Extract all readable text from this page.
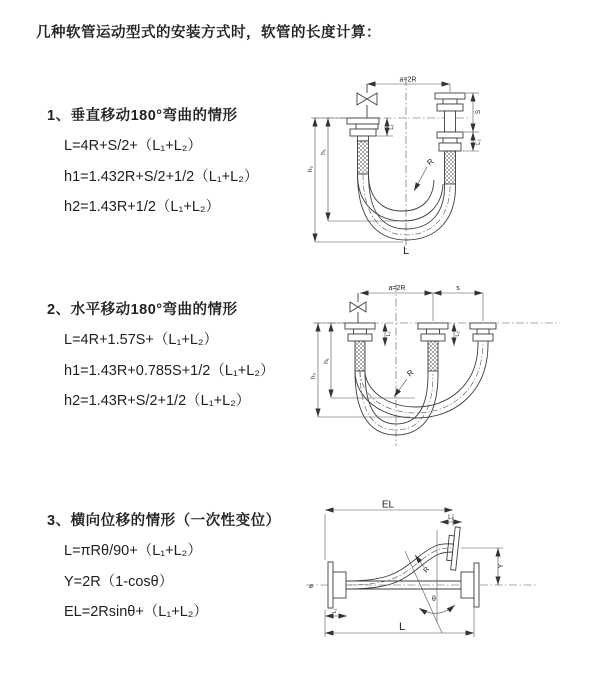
几种软管运动型式的安装方式时，软管的长度计算：
1、垂直移动180°弯曲的情形
L=4R+S/2+（L₁+L₂）
h1=1.432R+S/2+1/2（L₁+L₂）
h2=1.43R+1/2（L₁+L₂）
2、水平移动180°弯曲的情形
L=4R+1.57S+（L₁+L₂）
h1=1.43R+0.785S+1/2（L₁+L₂）
h2=1.43R+S/2+1/2（L₁+L₂）
3、横向位移的情形（一次性变位）
L=πRθ/90+（L₁+L₂）
Y=2R（1-cosθ）
EL=2Rsinθ+（L₁+L₂）
a=2R
S
L₂
L₁
h₁
h₂
R
L
a=2R	s
L₁	L₂
h₁
h₂	R
⌀
θ
R
EL
L₂
Y
L
L₁
